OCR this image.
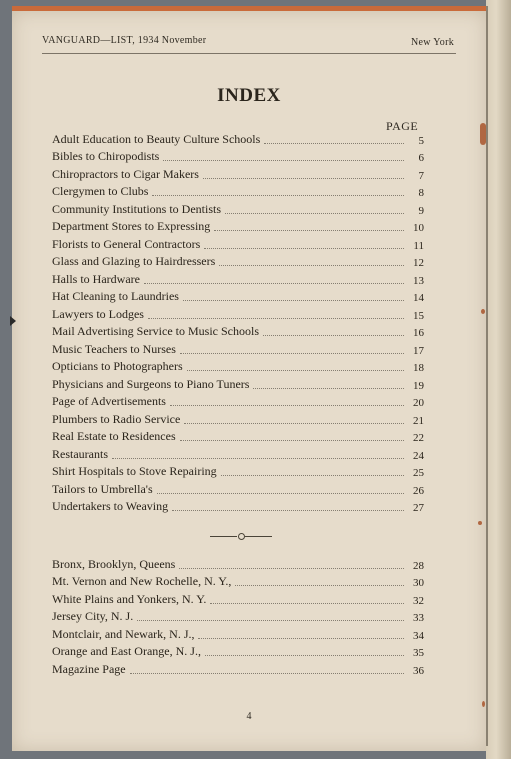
VANGUARD—LIST, 1934 November	New York
INDEX
PAGE
Adult Education to Beauty Culture Schools	5
Bibles to Chiropodists	6
Chiropractors to Cigar Makers	7
Clergymen to Clubs	8
Community Institutions to Dentists	9
Department Stores to Expressing	10
Florists to General Contractors	11
Glass and Glazing to Hairdressers	12
Halls to Hardware	13
Hat Cleaning to Laundries	14
Lawyers to Lodges	15
Mail Advertising Service to Music Schools	16
Music Teachers to Nurses	17
Opticians to Photographers	18
Physicians and Surgeons to Piano Tuners	19
Page of Advertisements	20
Plumbers to Radio Service	21
Real Estate to Residences	22
Restaurants	24
Shirt Hospitals to Stove Repairing	25
Tailors to Umbrella's	26
Undertakers to Weaving	27
Bronx, Brooklyn, Queens	28
Mt. Vernon and New Rochelle, N. Y.,	30
White Plains and Yonkers, N. Y.	32
Jersey City, N. J.	33
Montclair, and Newark, N. J.,	34
Orange and East Orange, N. J.,	35
Magazine Page	36
4
